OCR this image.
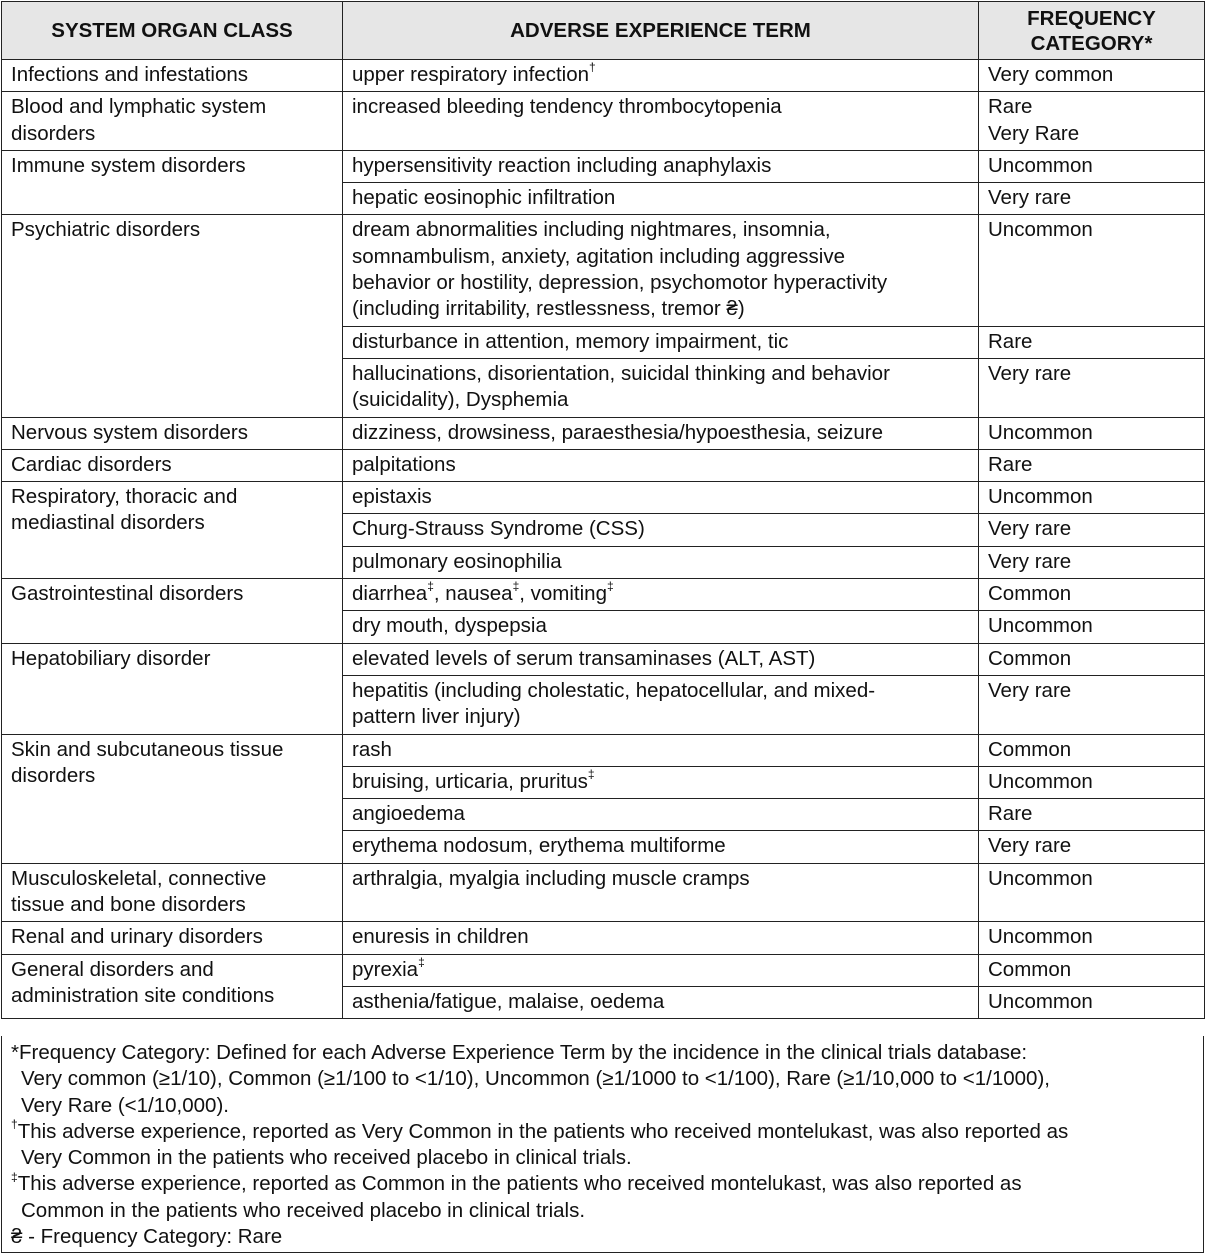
SYSTEM ORGAN CLASS	ADVERSE EXPERIENCE TERM	FREQUENCY
CATEGORY*

Infections and infestations	upper respiratory infection†	Very common

Blood and lymphatic system
disorders	increased bleeding tendency thrombocytopenia	Rare
Very Rare

Immune system disorders	hypersensitivity reaction including anaphylaxis	Uncommon

	hepatic eosinophic infiltration	Very rare

Psychiatric disorders	dream abnormalities including nightmares, insomnia,
somnambulism, anxiety, agitation including aggressive
behavior or hostility, depression, psychomotor hyperactivity
(including irritability, restlessness, tremor ₴)	Uncommon

	disturbance in attention, memory impairment, tic	Rare

	hallucinations, disorientation, suicidal thinking and behavior
(suicidality), Dysphemia	Very rare

Nervous system disorders	dizziness, drowsiness, paraesthesia/hypoesthesia, seizure	Uncommon

Cardiac disorders	palpitations	Rare

Respiratory, thoracic and
mediastinal disorders	epistaxis	Uncommon

	Churg-Strauss Syndrome (CSS)	Very rare

	pulmonary eosinophilia	Very rare

Gastrointestinal disorders	diarrhea‡, nausea‡, vomiting‡	Common

	dry mouth, dyspepsia	Uncommon

Hepatobiliary disorder	elevated levels of serum transaminases (ALT, AST)	Common

	hepatitis (including cholestatic, hepatocellular, and mixed-
pattern liver injury)	Very rare

Skin and subcutaneous tissue
disorders	rash	Common

	bruising, urticaria, pruritus‡	Uncommon

	angioedema	Rare

	erythema nodosum, erythema multiforme	Very rare

Musculoskeletal, connective
tissue and bone disorders	arthralgia, myalgia including muscle cramps	Uncommon

Renal and urinary disorders	enuresis in children	Uncommon

General disorders and
administration site conditions	pyrexia‡	Common

	asthenia/fatigue, malaise, oedema	Uncommon
*Frequency Category: Defined for each Adverse Experience Term by the incidence in the clinical trials database:
Very common (≥1/10), Common (≥1/100 to <1/10), Uncommon (≥1/1000 to <1/100), Rare (≥1/10,000 to <1/1000),
Very Rare (<1/10,000).
†This adverse experience, reported as Very Common in the patients who received montelukast, was also reported as
Very Common in the patients who received placebo in clinical trials.
‡This adverse experience, reported as Common in the patients who received montelukast, was also reported as
Common in the patients who received placebo in clinical trials.
₴ - Frequency Category: Rare
